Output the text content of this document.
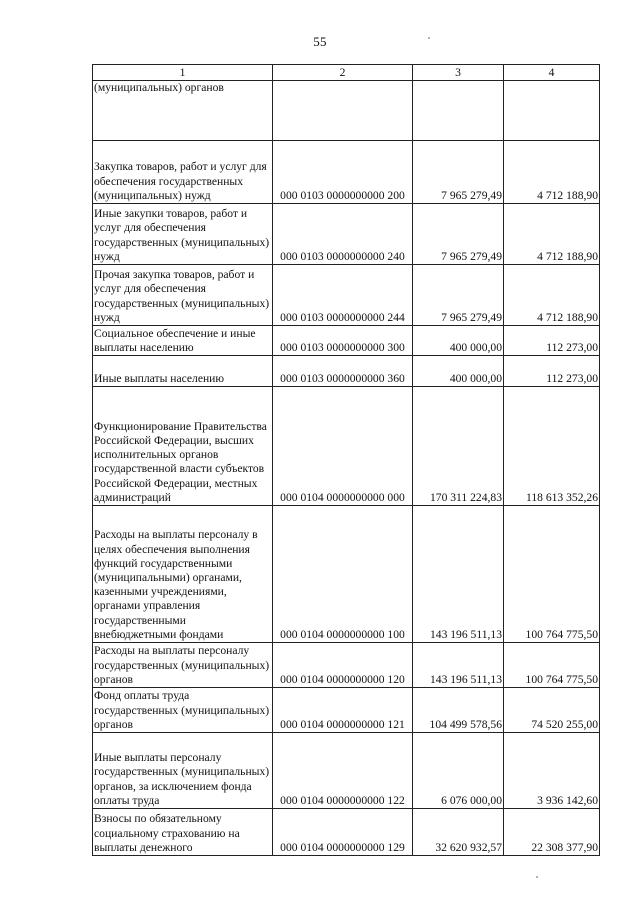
55
1	2	3	4
(муниципальных) органов			
Закупка товаров, работ и услуг для обеспечения государственных (муниципальных) нужд	000 0103 0000000000 200	7 965 279,49	4 712 188,90
Иные закупки товаров, работ и услуг для обеспечения государственных (муниципальных) нужд	000 0103 0000000000 240	7 965 279,49	4 712 188,90
Прочая закупка товаров, работ и услуг для обеспечения государственных (муниципальных) нужд	000 0103 0000000000 244	7 965 279,49	4 712 188,90
Социальное обеспечение и иные выплаты населению	000 0103 0000000000 300	400 000,00	112 273,00
Иные выплаты населению	000 0103 0000000000 360	400 000,00	112 273,00
Функционирование Правительства Российской Федерации, высших исполнительных органов государственной власти субъектов Российской Федерации, местных администраций	000 0104 0000000000 000	170 311 224,83	118 613 352,26
Расходы на выплаты персоналу в целях обеспечения выполнения функций государственными (муниципальными) органами, казенными учреждениями, органами управления государственными внебюджетными фондами	000 0104 0000000000 100	143 196 511,13	100 764 775,50
Расходы на выплаты персоналу государственных (муниципальных) органов	000 0104 0000000000 120	143 196 511,13	100 764 775,50
Фонд оплаты труда государственных (муниципальных) органов	000 0104 0000000000 121	104 499 578,56	74 520 255,00
Иные выплаты персоналу государственных (муниципальных) органов, за исключением фонда оплаты труда	000 0104 0000000000 122	6 076 000,00	3 936 142,60
Взносы по обязательному социальному страхованию на выплаты денежного	000 0104 0000000000 129	32 620 932,57	22 308 377,90
